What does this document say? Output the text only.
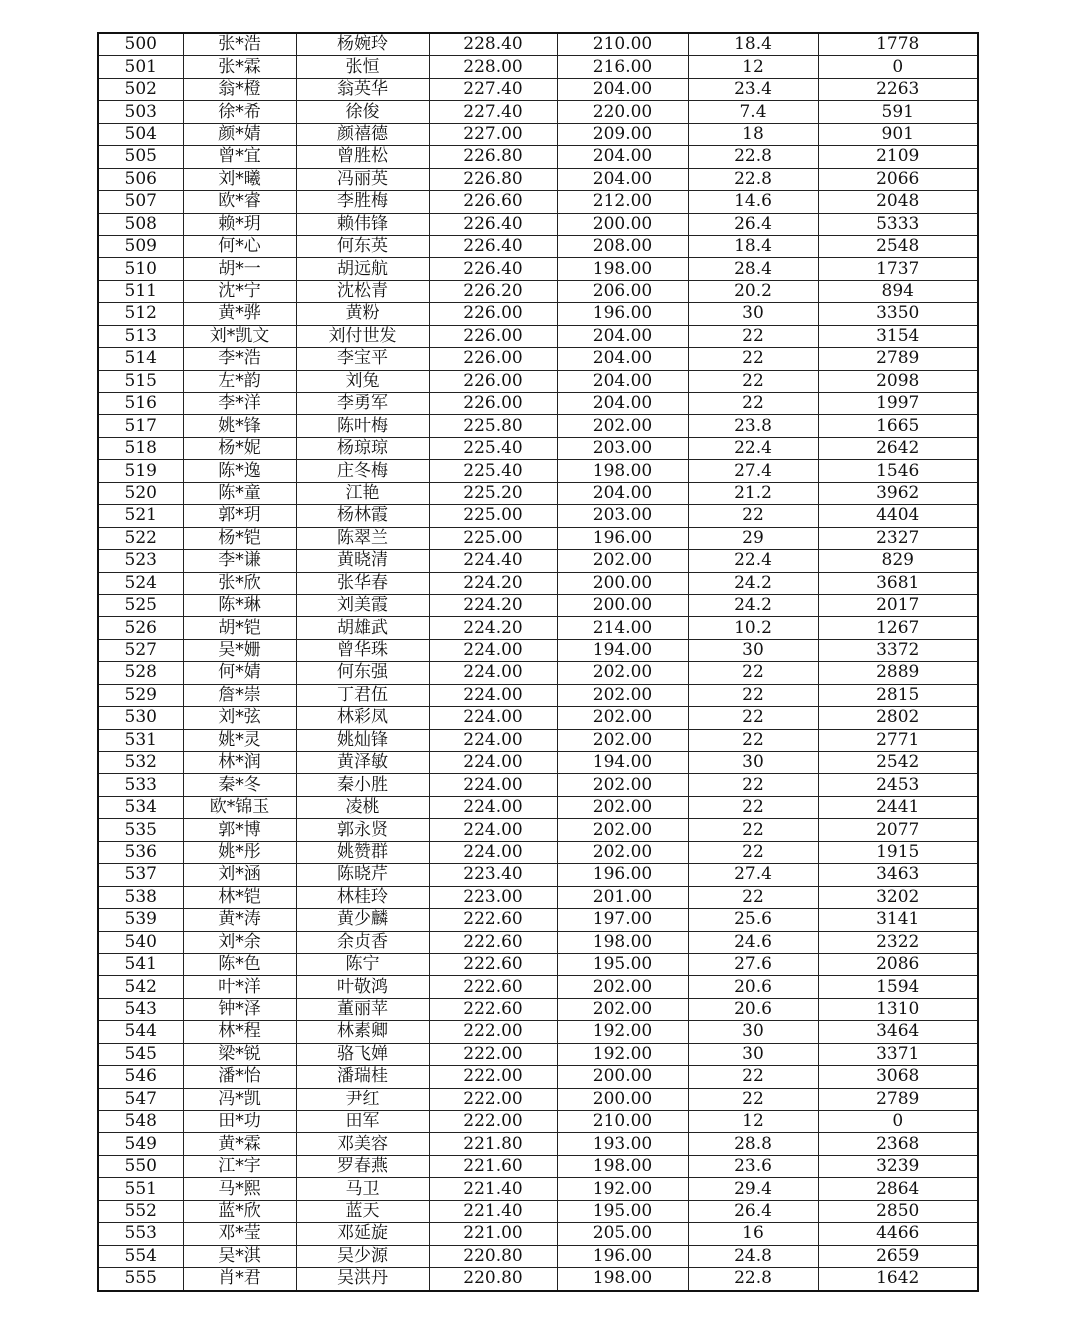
500	张*浩	杨婉玲	228.40	210.00	18.4	1778
501	张*霖	张恒	228.00	216.00	12	0
502	翁*橙	翁英华	227.40	204.00	23.4	2263
503	徐*希	徐俊	227.40	220.00	7.4	591
504	颜*婧	颜禧德	227.00	209.00	18	901
505	曾*宜	曾胜松	226.80	204.00	22.8	2109
506	刘*曦	冯丽英	226.80	204.00	22.8	2066
507	欧*睿	李胜梅	226.60	212.00	14.6	2048
508	赖*玥	赖伟锋	226.40	200.00	26.4	5333
509	何*心	何东英	226.40	208.00	18.4	2548
510	胡*一	胡远航	226.40	198.00	28.4	1737
511	沈*宁	沈松青	226.20	206.00	20.2	894
512	黄*骅	黄粉	226.00	196.00	30	3350
513	刘*凯文	刘付世发	226.00	204.00	22	3154
514	李*浩	李宝平	226.00	204.00	22	2789
515	左*韵	刘兔	226.00	204.00	22	2098
516	李*洋	李勇军	226.00	204.00	22	1997
517	姚*锋	陈叶梅	225.80	202.00	23.8	1665
518	杨*妮	杨琼琼	225.40	203.00	22.4	2642
519	陈*逸	庄冬梅	225.40	198.00	27.4	1546
520	陈*童	江艳	225.20	204.00	21.2	3962
521	郭*玥	杨林霞	225.00	203.00	22	4404
522	杨*铠	陈翠兰	225.00	196.00	29	2327
523	李*谦	黄晓清	224.40	202.00	22.4	829
524	张*欣	张华春	224.20	200.00	24.2	3681
525	陈*琳	刘美霞	224.20	200.00	24.2	2017
526	胡*铠	胡雄武	224.20	214.00	10.2	1267
527	吴*姗	曾华珠	224.00	194.00	30	3372
528	何*婧	何东强	224.00	202.00	22	2889
529	詹*崇	丁君伍	224.00	202.00	22	2815
530	刘*弦	林彩凤	224.00	202.00	22	2802
531	姚*灵	姚灿锋	224.00	202.00	22	2771
532	林*润	黄泽敏	224.00	194.00	30	2542
533	秦*冬	秦小胜	224.00	202.00	22	2453
534	欧*锦玉	凌桃	224.00	202.00	22	2441
535	郭*博	郭永贤	224.00	202.00	22	2077
536	姚*彤	姚赞群	224.00	202.00	22	1915
537	刘*涵	陈晓芹	223.40	196.00	27.4	3463
538	林*铠	林桂玲	223.00	201.00	22	3202
539	黄*涛	黄少麟	222.60	197.00	25.6	3141
540	刘*余	余贞香	222.60	198.00	24.6	2322
541	陈*色	陈宁	222.60	195.00	27.6	2086
542	叶*洋	叶敬鸿	222.60	202.00	20.6	1594
543	钟*泽	董丽苹	222.60	202.00	20.6	1310
544	林*程	林素卿	222.00	192.00	30	3464
545	梁*锐	骆飞婵	222.00	192.00	30	3371
546	潘*怡	潘瑞桂	222.00	200.00	22	3068
547	冯*凯	尹红	222.00	200.00	22	2789
548	田*功	田军	222.00	210.00	12	0
549	黄*霖	邓美容	221.80	193.00	28.8	2368
550	江*宇	罗春燕	221.60	198.00	23.6	3239
551	马*熙	马卫	221.40	192.00	29.4	2864
552	蓝*欣	蓝天	221.40	195.00	26.4	2850
553	邓*莹	邓延旋	221.00	205.00	16	4466
554	吴*淇	吴少源	220.80	196.00	24.8	2659
555	肖*君	吴洪丹	220.80	198.00	22.8	1642
